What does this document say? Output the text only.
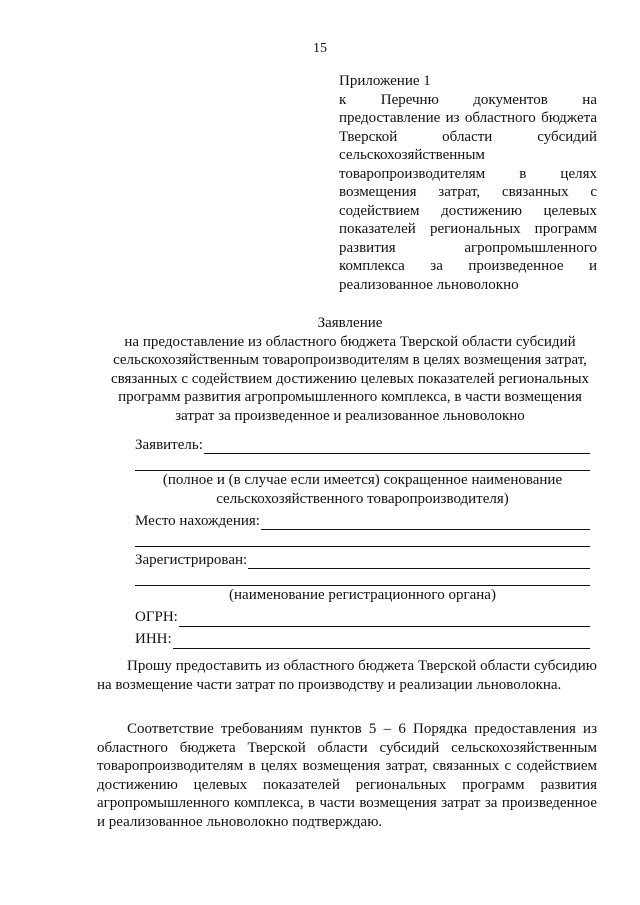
15
Приложение 1
к Перечню документов на предоставление из областного бюджета Тверской области субсидий сельскохозяйственным товаропроизводителям в целях возмещения затрат, связанных с содействием достижению целевых показателей региональных программ развития агропромышленного комплекса за произведенное и реализованное льноволокно
Заявление
на предоставление из областного бюджета Тверской области субсидий сельскохозяйственным товаропроизводителям в целях возмещения затрат, связанных с содействием достижению целевых показателей региональных программ развития агропромышленного комплекса, в части возмещения затрат за произведенное и реализованное льноволокно
Заявитель:
(полное и (в случае если имеется) сокращенное наименование сельскохозяйственного товаропроизводителя)
Место нахождения:
Зарегистрирован:
(наименование регистрационного органа)
ОГРН:
ИНН:
Прошу предоставить из областного бюджета Тверской области субсидию на возмещение части затрат по производству и реализации льноволокна.
Соответствие требованиям пунктов 5 – 6 Порядка предоставления из областного бюджета Тверской области субсидий сельскохозяйственным товаропроизводителям в целях возмещения затрат, связанных с содействием достижению целевых показателей региональных программ развития агропромышленного комплекса, в части возмещения затрат за произведенное и реализованное льноволокно подтверждаю.
